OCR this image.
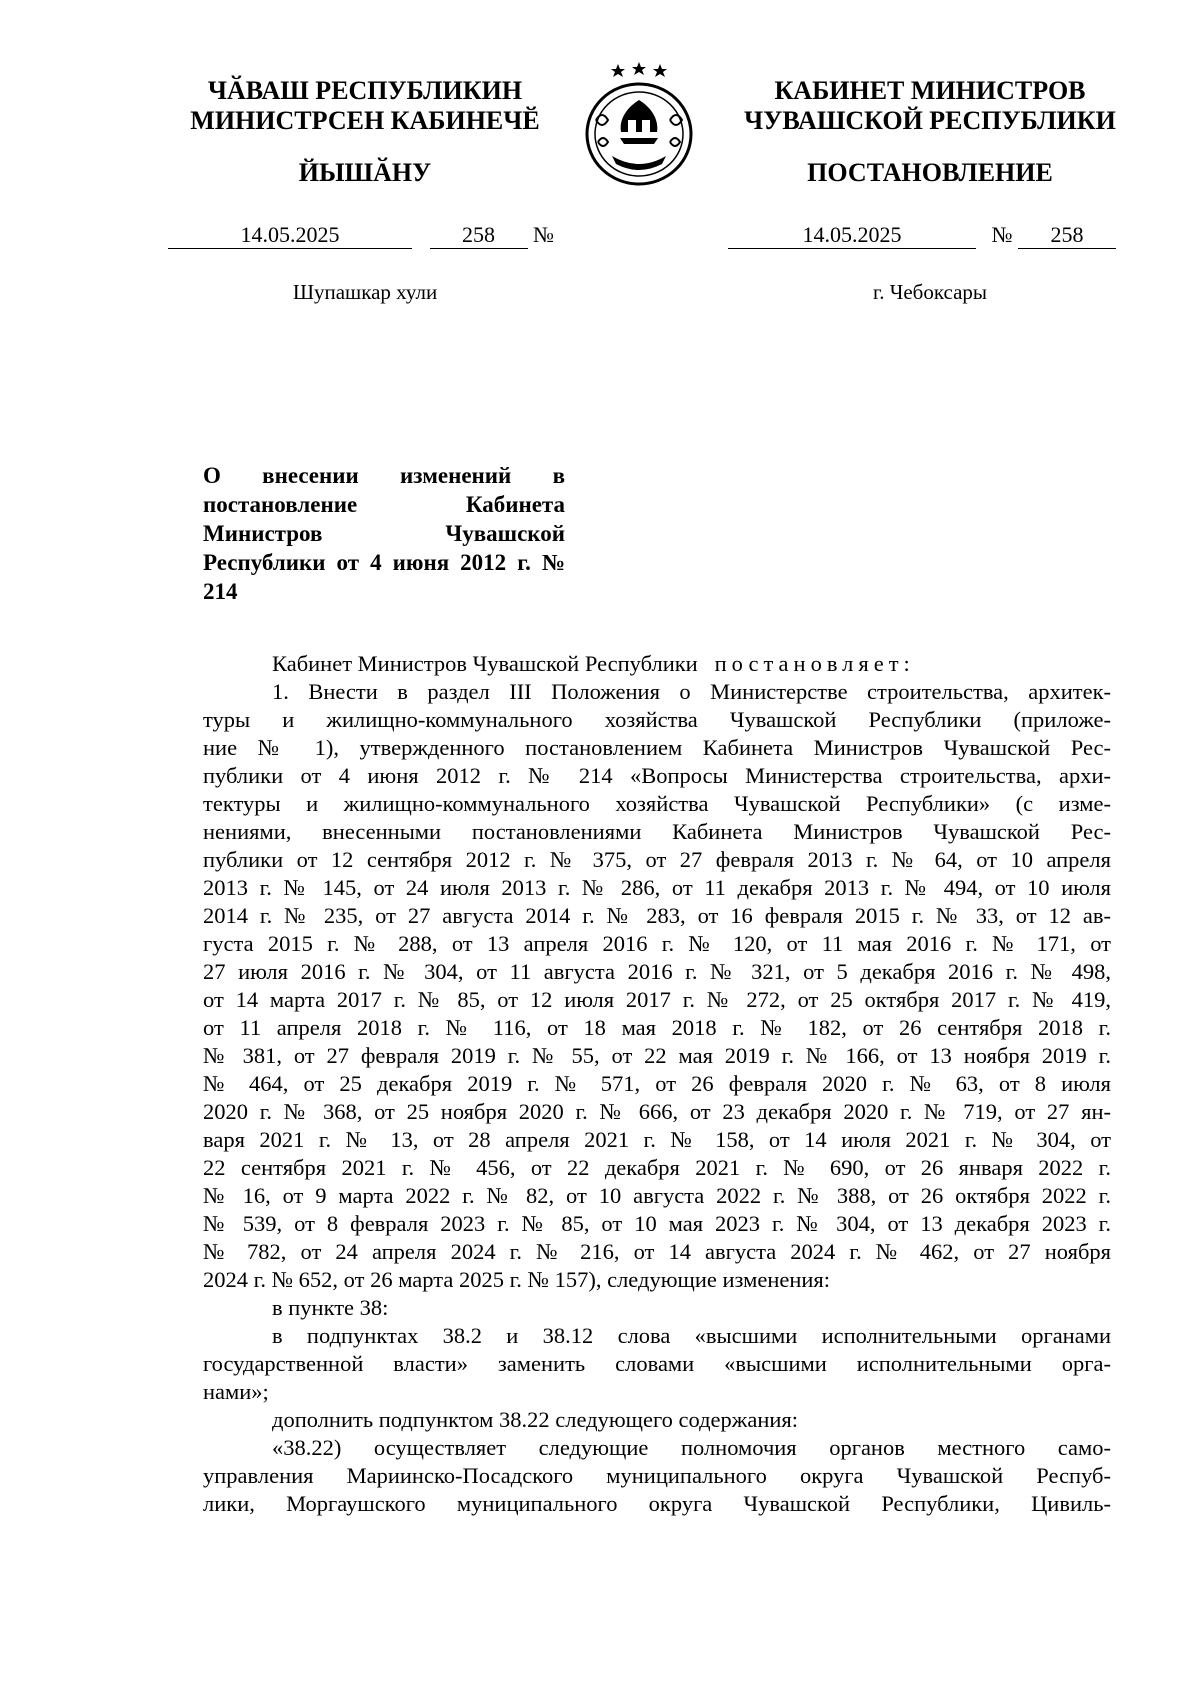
ЧӐВАШ РЕСПУБЛИКИН
МИНИСТРСЕН КАБИНЕЧӖ
КАБИНЕТ МИНИСТРОВ
ЧУВАШСКОЙ РЕСПУБЛИКИ
ЙЫШӐНУ	ПОСТАНОВЛЕНИЕ
14.05.2025	258 №	14.05.2025	№ 258
Шупашкар хули	г. Чебоксары
О внесении изменений в постановление Кабинета Министров Чувашской Республики от 4 июня 2012 г. № 214

Кабинет Министров Чувашской Республики постановляет:

1. Внести в раздел III Положения о Министерстве строительства, архитек-

туры и жилищно-коммунального хозяйства Чувашской Республики (приложе-

ние № 1), утвержденного постановлением Кабинета Министров Чувашской Рес-

публики от 4 июня 2012 г. № 214 «Вопросы Министерства строительства, архи-

тектуры и жилищно-коммунального хозяйства Чувашской Республики» (с изме-

нениями, внесенными постановлениями Кабинета Министров Чувашской Рес-

публики от 12 сентября 2012 г. № 375, от 27 февраля 2013 г. № 64, от 10 апреля

2013 г. № 145, от 24 июля 2013 г. № 286, от 11 декабря 2013 г. № 494, от 10 июля

2014 г. № 235, от 27 августа 2014 г. № 283, от 16 февраля 2015 г. № 33, от 12 ав-

густа 2015 г. № 288, от 13 апреля 2016 г. № 120, от 11 мая 2016 г. № 171, от

27 июля 2016 г. № 304, от 11 августа 2016 г. № 321, от 5 декабря 2016 г. № 498,

от 14 марта 2017 г. № 85, от 12 июля 2017 г. № 272, от 25 октября 2017 г. № 419,

от 11 апреля 2018 г. № 116, от 18 мая 2018 г. № 182, от 26 сентября 2018 г.

№ 381, от 27 февраля 2019 г. № 55, от 22 мая 2019 г. № 166, от 13 ноября 2019 г.

№ 464, от 25 декабря 2019 г. № 571, от 26 февраля 2020 г. № 63, от 8 июля

2020 г. № 368, от 25 ноября 2020 г. № 666, от 23 декабря 2020 г. № 719, от 27 ян-

варя 2021 г. № 13, от 28 апреля 2021 г. № 158, от 14 июля 2021 г. № 304, от

22 сентября 2021 г. № 456, от 22 декабря 2021 г. № 690, от 26 января 2022 г.

№ 16, от 9 марта 2022 г. № 82, от 10 августа 2022 г. № 388, от 26 октября 2022 г.

№ 539, от 8 февраля 2023 г. № 85, от 10 мая 2023 г. № 304, от 13 декабря 2023 г.

№ 782, от 24 апреля 2024 г. № 216, от 14 августа 2024 г. № 462, от 27 ноября

2024 г. № 652, от 26 марта 2025 г. № 157), следующие изменения:

в пункте 38:

в подпунктах 38.2 и 38.12 слова «высшими исполнительными органами

государственной власти» заменить словами «высшими исполнительными орга-

нами»;

дополнить подпунктом 38.22 следующего содержания:

«38.22) осуществляет следующие полномочия органов местного само-

управления Мариинско-Посадского муниципального округа Чувашской Респуб-

лики, Моргаушского муниципального округа Чувашской Республики, Цивиль-
